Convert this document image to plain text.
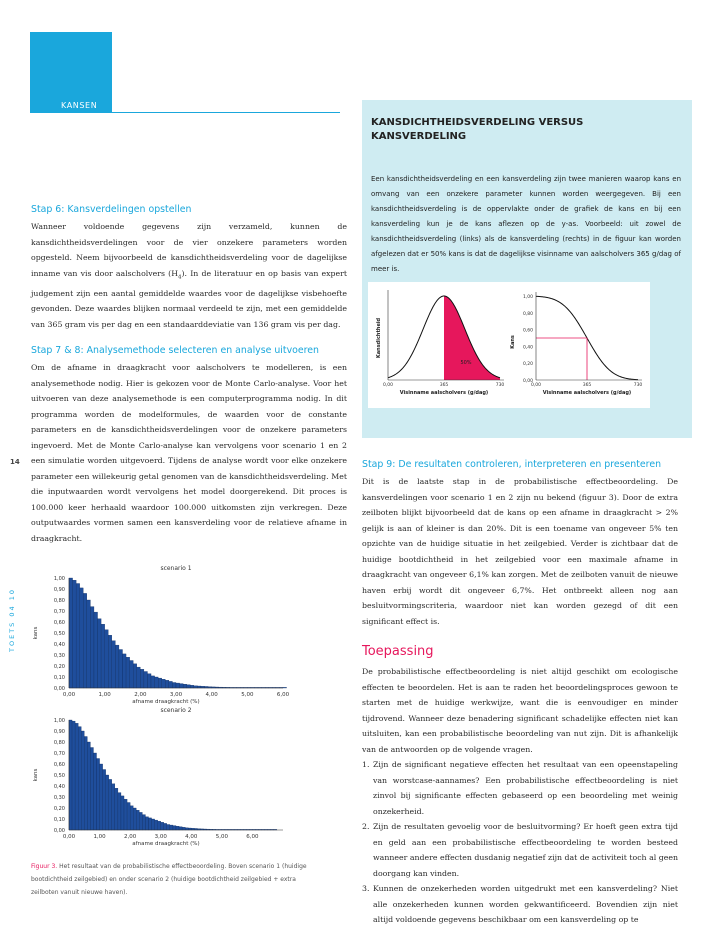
KANSEN
14
TOETS 04 10
Stap 6: Kansverdelingen opstellen

Wanneer voldoende gegevens zijn verzameld, kunnen de kansdichtheidsverdelingen voor de vier onzekere parameters worden opgesteld. Neem bijvoorbeeld de kansdichtheidsverdeling voor de dagelijkse inname van vis door aalscholvers $(H_4)$. In de literatuur en op basis van expert judgement zijn een aantal gemiddelde waardes voor de dagelijkse visbehoefte gevonden. Deze waardes blijken normaal verdeeld te zijn, met een gemiddelde van 365 gram vis per dag en een standaarddeviatie van 136 gram vis per dag.

Stap 7 & 8: Analysemethode selecteren en analyse uitvoeren

Om de afname in draagkracht voor aalscholvers te modelleren, is een analysemethode nodig. Hier is gekozen voor de Monte Carlo-analyse. Voor het uitvoeren van deze analysemethode is een computerprogramma nodig. In dit programma worden de modelformules, de waarden voor de constante parameters en de kansdichtheidsverdelingen voor de onzekere parameters ingevoerd. Met de Monte Carlo-analyse kan vervolgens voor scenario 1 en 2 een simulatie worden uitgevoerd. Tijdens de analyse wordt voor elke onzekere parameter een willekeurig getal genomen van de kansdichtheidsverdeling. Met die inputwaarden wordt vervolgens het model doorgerekend. Dit proces is 100.000 keer herhaald waardoor 100.000 uitkomsten zijn verkregen. Deze outputwaardes vormen samen een kansverdeling voor de relatieve afname in draagkracht.

scenario 1
0,00
0,10
0,20
0,30
0,40
0,50
0,60
0,70
0,80
0,90
1,00
kans
0,00	1,00	2,00	3,00	4,00	5,00	6,00
afname draagkracht (%)
scenario 2
0,00
0,10
0,20
0,30
0,40
0,50
0,60
0,70
0,80
0,90
1,00
kans
0,00	1,00	2,00	3,00	4,00	5,00	6,00
afname draagkracht (%)
Figuur 3. Het resultaat van de probabilistische effectbeoordeling. Boven scenario 1 (huidige bootdichtheid zeilgebied) en onder scenario 2 (huidige bootdichtheid zeilgebied + extra zeilboten vanuit nieuwe haven).
KANSDICHTHEIDSVERDELING VERSUS KANSVERDELING

Een kansdichtheidsverdeling en een kansverdeling zijn twee manieren waarop kans en omvang van een onzekere parameter kunnen worden weergegeven. Bij een kansdichtheidsverdeling is de oppervlakte onder de grafiek de kans en bij een kansverdeling kun je de kans aflezen op de y-as. Voorbeeld: uit zowel de kansdichtheidsverdeling (links) als de kansverdeling (rechts) in de figuur kan worden afgelezen dat er 50% kans is dat de dagelijkse visinname van aalscholvers 365 g/dag of meer is.

50%
Kansdichtheid
0,00	365	730
Visinname aalscholvers (g/dag)
0,00
0,20
0,40
0,60
0,80
1,00
Kans
0,00	365	730
Visinname aalscholvers (g/dag)
Stap 9: De resultaten controleren, interpreteren en presenteren

Dit is de laatste stap in de probabilistische effectbeoordeling. De kansverdelingen voor scenario 1 en 2 zijn nu bekend (figuur 3). Door de extra zeilboten blijkt bijvoorbeeld dat de kans op een afname in draagkracht > 2% gelijk is aan of kleiner is dan 20%. Dit is een toename van ongeveer 5% ten opzichte van de huidige situatie in het zeilgebied. Verder is zichtbaar dat de huidige bootdichtheid in het zeilgebied voor een maximale afname in draagkracht van ongeveer 6,1% kan zorgen. Met de zeilboten vanuit de nieuwe haven erbij wordt dit ongeveer 6,7%. Het ontbreekt alleen nog aan besluitvormingscriteria, waardoor niet kan worden gezegd of dit een significant effect is.

Toepassing

De probabilistische effectbeoordeling is niet altijd geschikt om ecologische effecten te beoordelen. Het is aan te raden het beoordelingsproces gewoon te starten met de huidige werkwijze, want die is eenvoudiger en minder tijdrovend. Wanneer deze benadering significant schadelijke effecten niet kan uitsluiten, kan een probabilistische beoordeling van nut zijn. Dit is afhankelijk van de antwoorden op de volgende vragen.

1. Zijn de significant negatieve effecten het resultaat van een opeenstapeling van worstcase-aannames? Een probabilistische effectbeoordeling is niet zinvol bij significante effecten gebaseerd op een beoordeling met weinig onzekerheid.
2. Zijn de resultaten gevoelig voor de besluitvorming? Er hoeft geen extra tijd en geld aan een probabilistische effectbeoordeling te worden besteed wanneer andere effecten dusdanig negatief zijn dat de activiteit toch al geen doorgang kan vinden.
3. Kunnen de onzekerheden worden uitgedrukt met een kansverdeling? Niet alle onzekerheden kunnen worden gekwantificeerd. Bovendien zijn niet altijd voldoende gegevens beschikbaar om een kansverdeling op te
